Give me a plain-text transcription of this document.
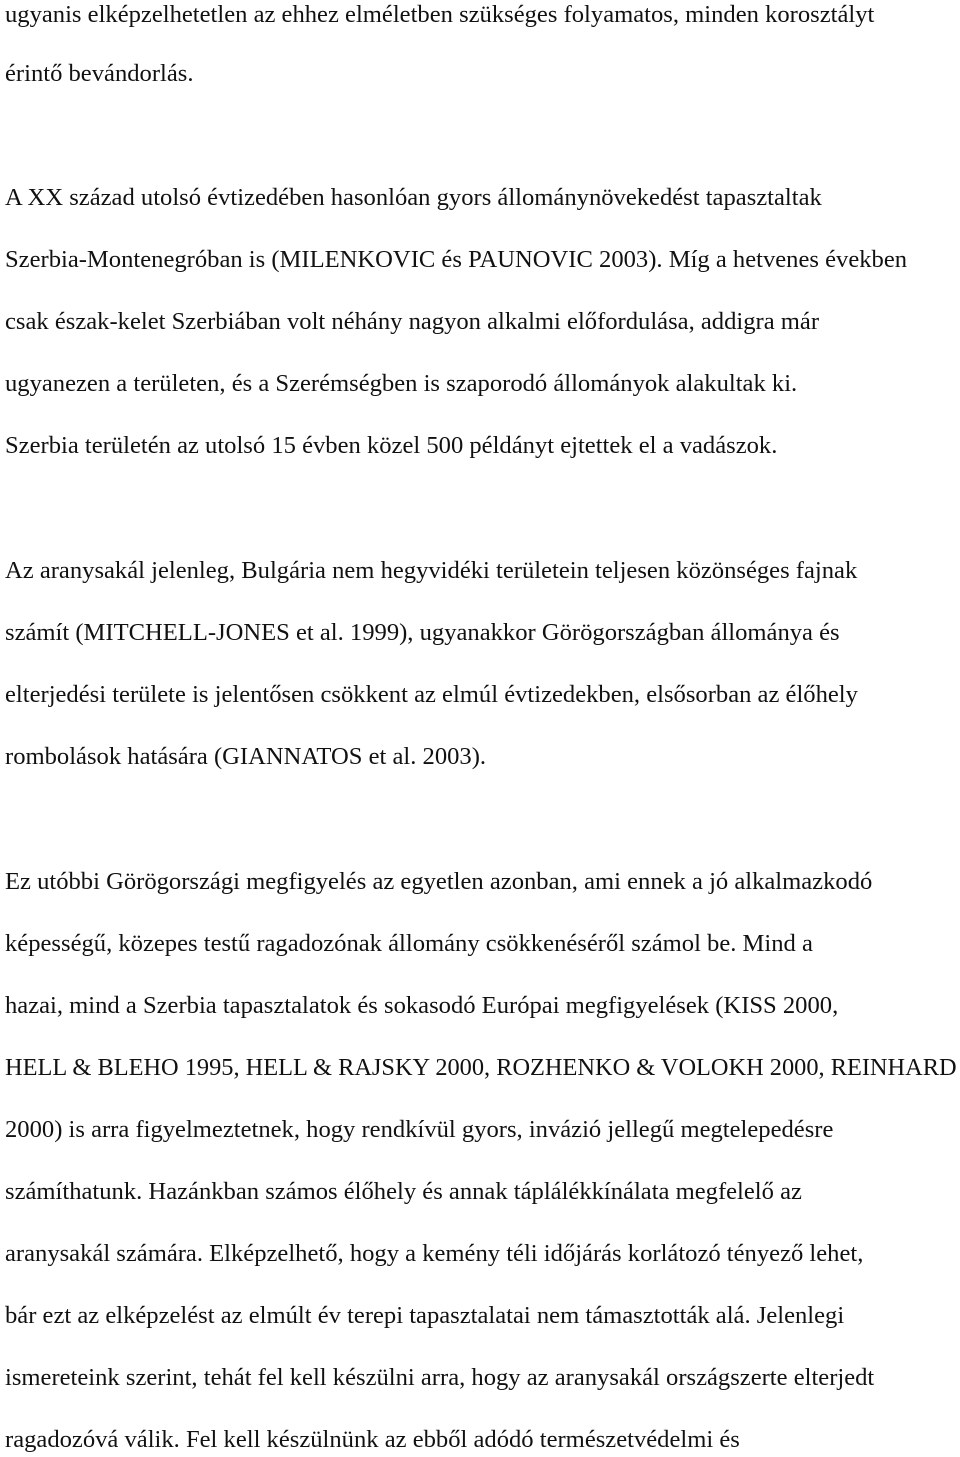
ugyanis elképzelhetetlen az ehhez elméletben szükséges folyamatos, minden korosztályt
érintő bevándorlás.
A XX század utolsó évtizedében hasonlóan gyors állománynövekedést tapasztaltak
Szerbia-Montenegróban is (MILENKOVIC és PAUNOVIC 2003). Míg a hetvenes években
csak észak-kelet Szerbiában volt néhány nagyon alkalmi előfordulása, addigra már
ugyanezen a területen, és a Szerémségben is szaporodó állományok alakultak ki.
Szerbia területén az utolsó 15 évben közel 500 példányt ejtettek el a vadászok.
Az aranysakál jelenleg, Bulgária nem hegyvidéki területein teljesen közönséges fajnak
számít (MITCHELL-JONES et al. 1999), ugyanakkor Görögországban állománya és
elterjedési területe is jelentősen csökkent az elmúl évtizedekben, elsősorban az élőhely
rombolások hatására (GIANNATOS et al. 2003).
Ez utóbbi Görögországi megfigyelés az egyetlen azonban, ami ennek a jó alkalmazkodó
képességű, közepes testű ragadozónak állomány csökkenéséről számol be. Mind a
hazai, mind a Szerbia tapasztalatok és sokasodó Európai megfigyelések (KISS 2000,
HELL & BLEHO 1995, HELL & RAJSKY 2000, ROZHENKO & VOLOKH 2000, REINHARD
2000) is arra figyelmeztetnek, hogy rendkívül gyors, invázió jellegű megtelepedésre
számíthatunk. Hazánkban számos élőhely és annak táplálékkínálata megfelelő az
aranysakál számára. Elképzelhető, hogy a kemény téli időjárás korlátozó tényező lehet,
bár ezt az elképzelést az elmúlt év terepi tapasztalatai nem támasztották alá. Jelenlegi
ismereteink szerint, tehát fel kell készülni arra, hogy az aranysakál országszerte elterjedt
ragadozóvá válik. Fel kell készülnünk az ebből adódó természetvédelmi és
